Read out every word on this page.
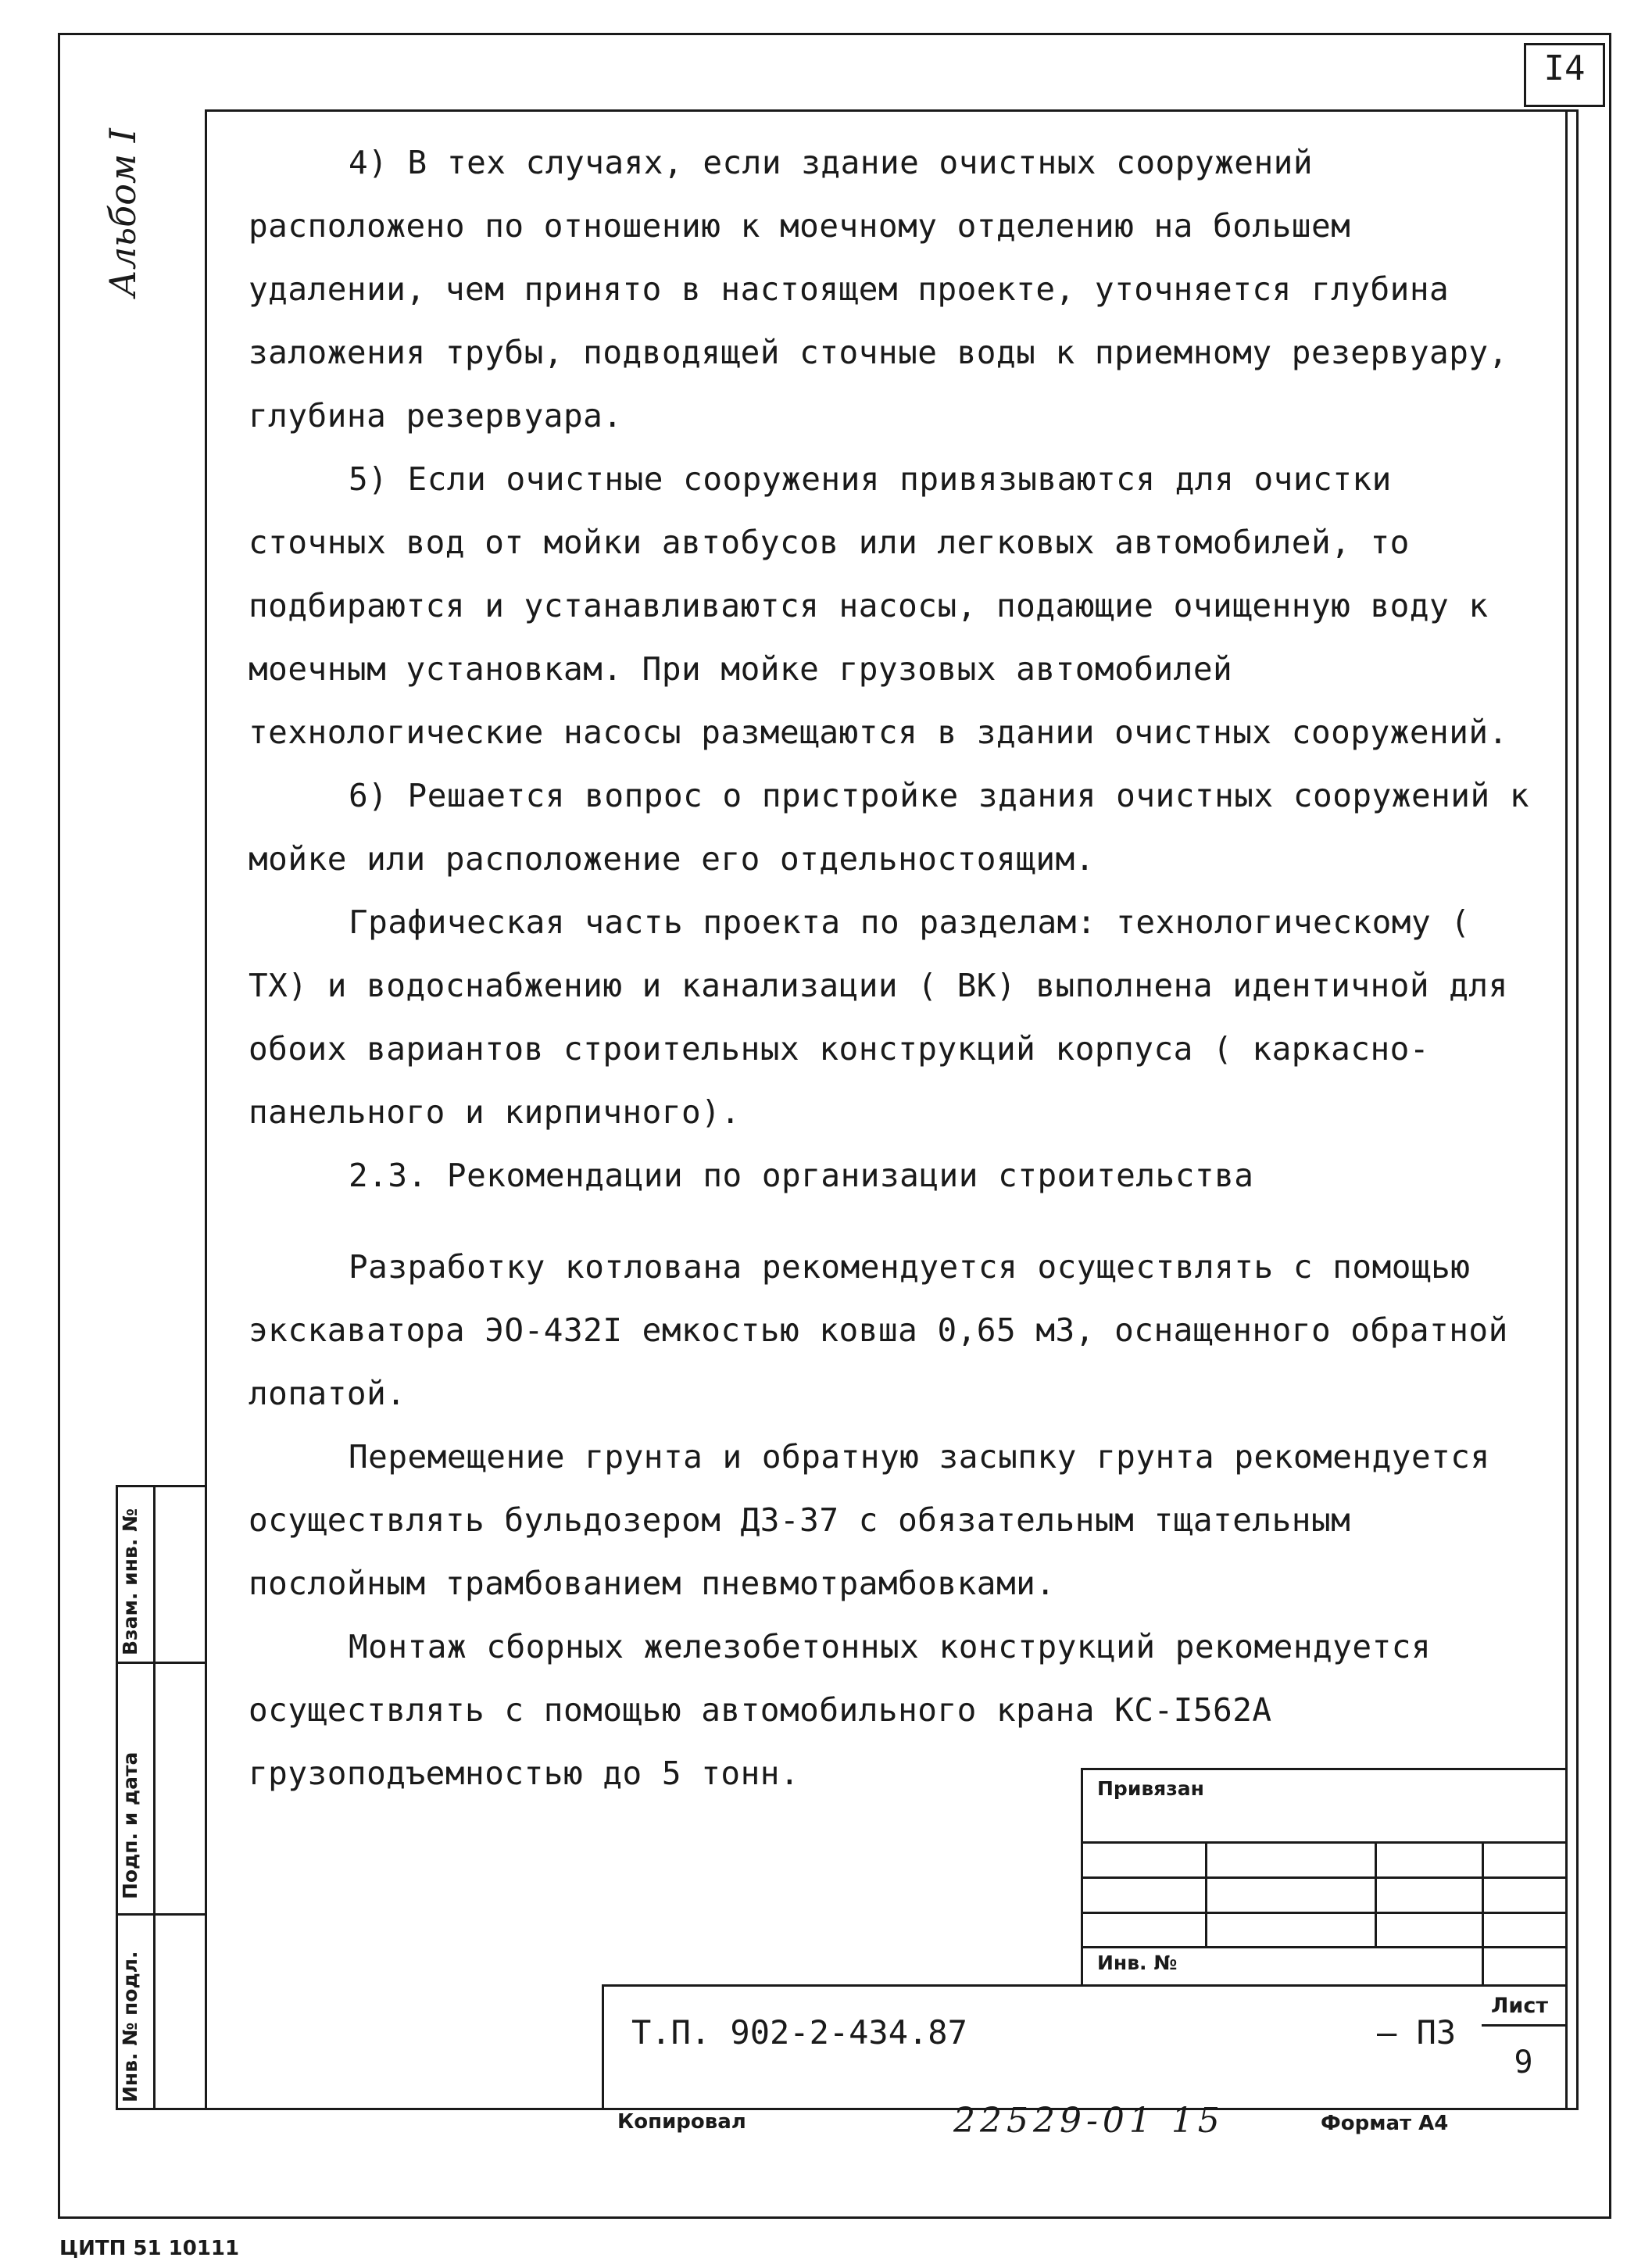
I4
Альбом I	4) В тех случаях, если здание очистных сооружений расположено по отношению к моечному отделению на большем удалении, чем принято в настоящем проекте, уточняется глубина заложения трубы, подводящей сточные воды к приемному резервуару, глубина резервуара.

5) Если очистные сооружения привязываются для очистки сточных вод от мойки автобусов или легковых автомобилей, то подбираются и устанавливаются насосы, подающие очищенную воду к моечным установкам. При мойке грузовых автомобилей технологические насосы размещаются в здании очистных сооружений.

6) Решается вопрос о пристройке здания очистных сооружений к мойке или расположение его отдельностоящим.

Графическая часть проекта по разделам: технологическому ( ТХ) и водоснабжению и канализации ( ВК) выполнена идентичной для обоих вариантов строительных конструкций корпуса ( каркасно-панельного и кирпичного).

2.3. Рекомендации по организации строительства

Разработку котлована рекомендуется осуществлять с помощью экскаватора ЭО-432I емкостью ковша 0,65 м3, оснащенного обратной лопатой.

Перемещение грунта и обратную засыпку грунта рекомендуется осуществлять бульдозером ДЗ-37 с обязательным тщательным послойным трамбованием пневмотрамбовками.

Монтаж сборных железобетонных конструкций рекомендуется осуществлять с помощью автомобильного крана КС-I562А грузоподъемностью до 5 тонн.

Взам. инв. №
Подп. и дата
Инв. № подл.
Привязан
Инв. №
Т.П. 902-2-434.87	– ПЗ
Лист
9
Копировал	22529-01 15	Формат А4
ЦИТП 51 10111
